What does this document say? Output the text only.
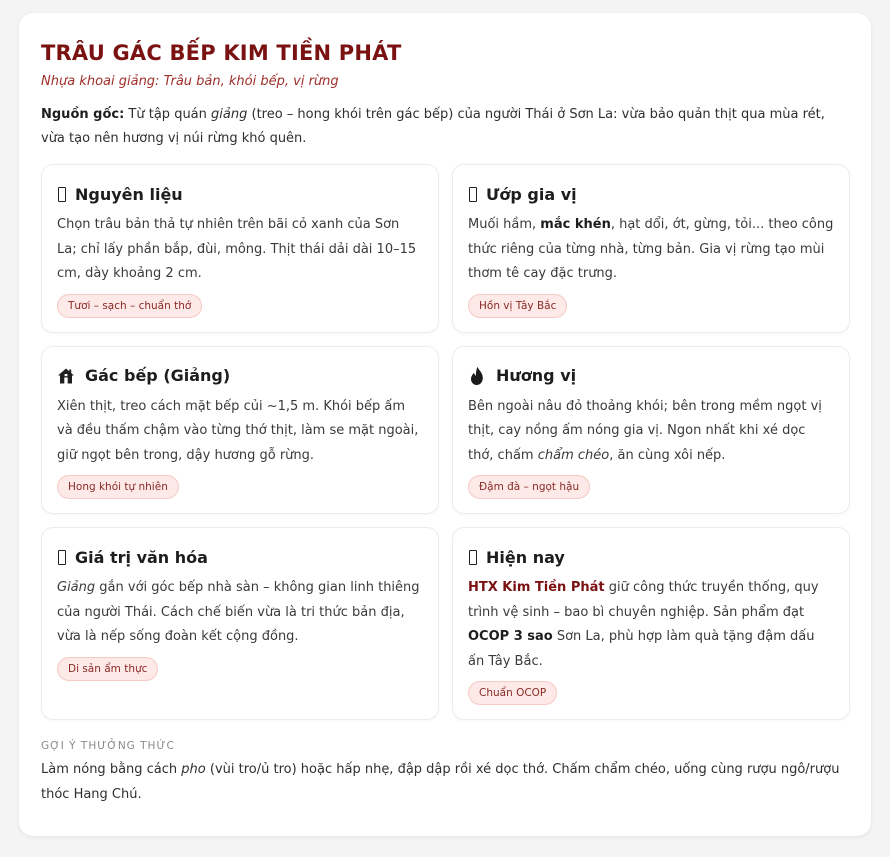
TRÂU GÁC BẾP KIM TIỀN PHÁT
Nhựa khoai giảng: Trâu bản, khói bếp, vị rừng

Nguồn gốc: Từ tập quán giảng (treo – hong khói trên gác bếp) của người Thái ở Sơn La: vừa bảo quản thịt qua mùa rét, vừa tạo nên hương vị núi rừng khó quên.

Nguyên liệu

Chọn trâu bản thả tự nhiên trên bãi cỏ xanh của Sơn La; chỉ lấy phần bắp, đùi, mông. Thịt thái dải dài 10–15 cm, dày khoảng 2 cm.

Tươi – sạch – chuẩn thớ
Ướp gia vị

Muối hầm, mắc khén, hạt dổi, ớt, gừng, tỏi... theo công thức riêng của từng nhà, từng bản. Gia vị rừng tạo mùi thơm tê cay đặc trưng.

Hồn vị Tây Bắc
Gác bếp (Giảng)

Xiên thịt, treo cách mặt bếp củi ~1,5 m. Khói bếp ấm và đều thấm chậm vào từng thớ thịt, làm se mặt ngoài, giữ ngọt bên trong, dậy hương gỗ rừng.

Hong khói tự nhiên
Hương vị

Bên ngoài nâu đỏ thoảng khói; bên trong mềm ngọt vị thịt, cay nồng ấm nóng gia vị. Ngon nhất khi xé dọc thớ, chấm chẩm chéo, ăn cùng xôi nếp.

Đậm đà – ngọt hậu
Giá trị văn hóa

Giảng gắn với góc bếp nhà sàn – không gian linh thiêng của người Thái. Cách chế biến vừa là tri thức bản địa, vừa là nếp sống đoàn kết cộng đồng.

Di sản ẩm thực
Hiện nay

HTX Kim Tiền Phát giữ công thức truyền thống, quy trình vệ sinh – bao bì chuyên nghiệp. Sản phẩm đạt OCOP 3 sao Sơn La, phù hợp làm quà tặng đậm dấu ấn Tây Bắc.

Chuẩn OCOP
GỢI Ý THƯỞNG THỨC

Làm nóng bằng cách pho (vùi tro/ủ tro) hoặc hấp nhẹ, đập dập rồi xé dọc thớ. Chấm chẩm chéo, uống cùng rượu ngô/rượu thóc Hang Chú.
